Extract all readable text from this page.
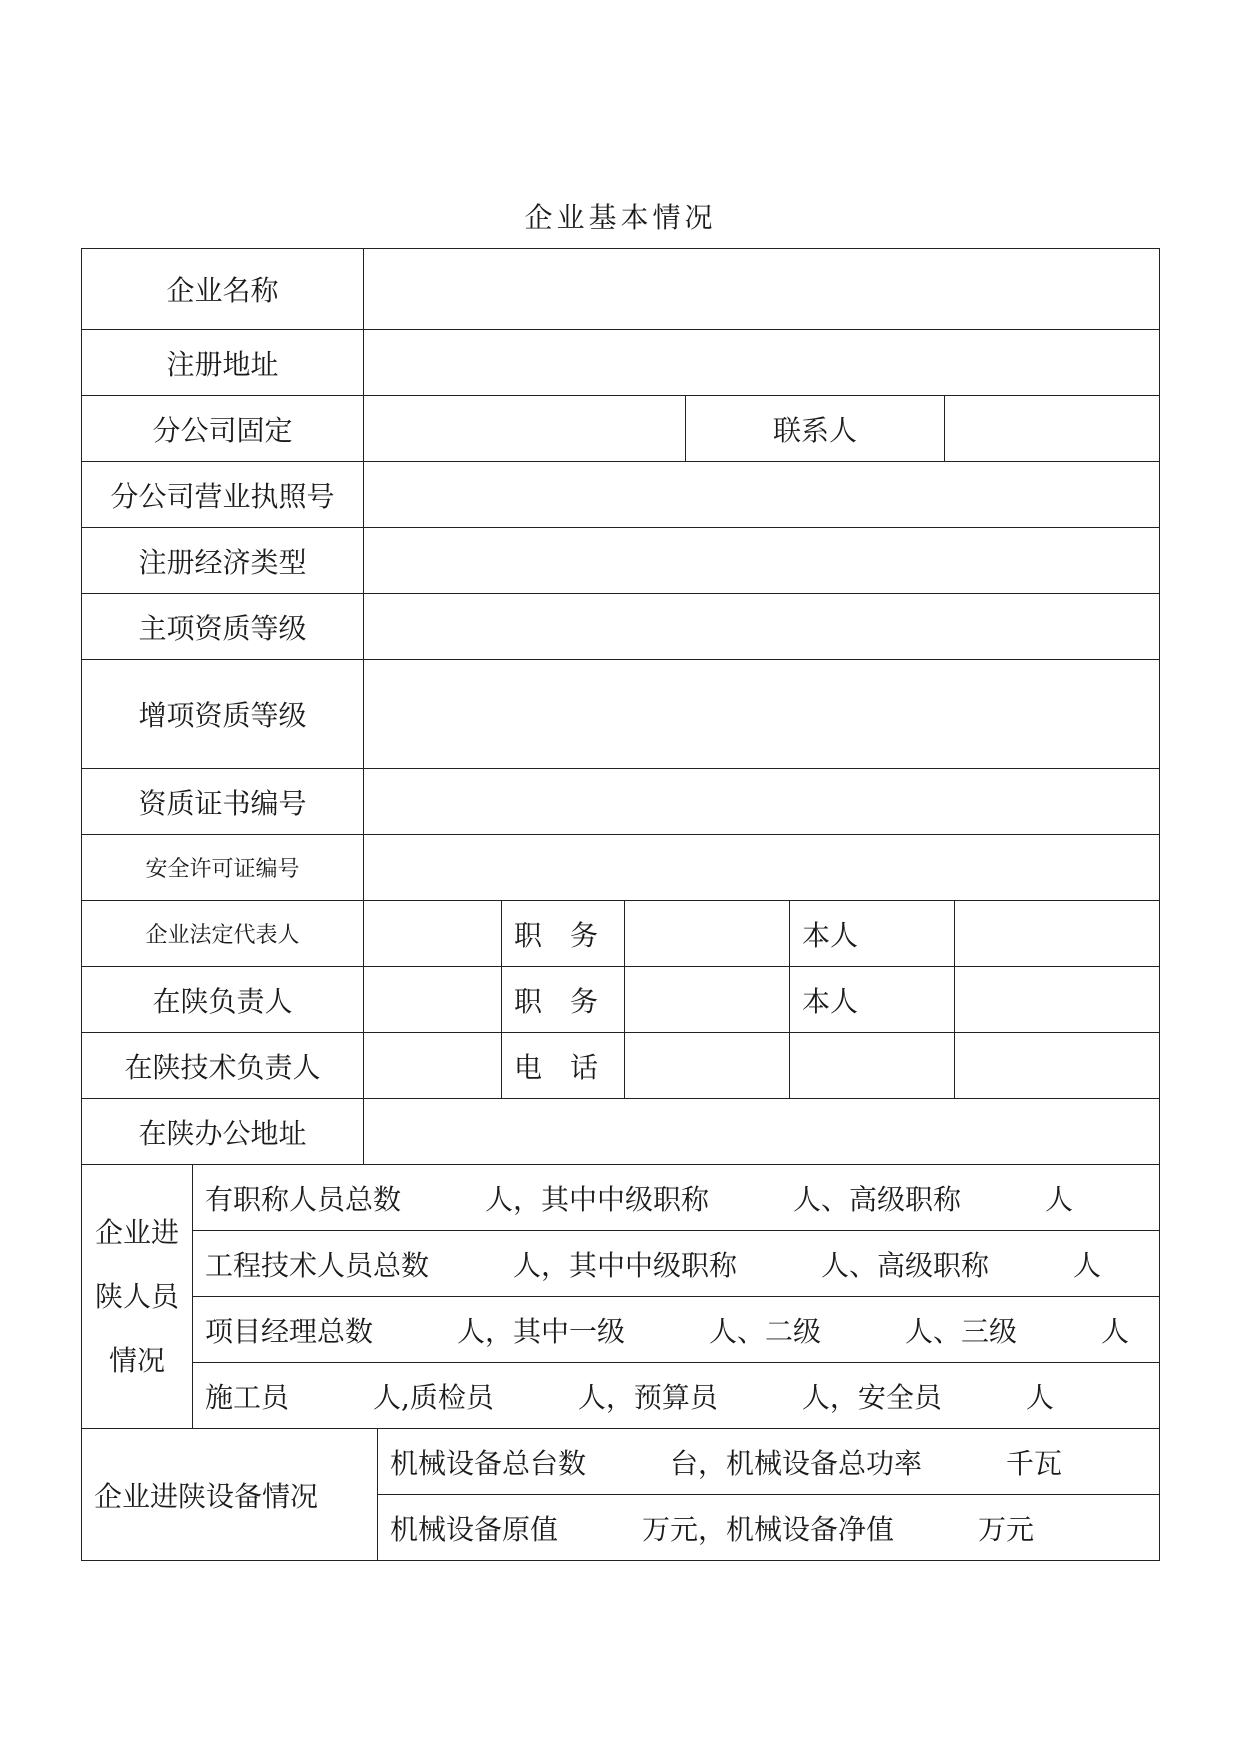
企业基本情况
企业名称
注册地址
分公司固定	联系人
分公司营业执照号
注册经济类型
主项资质等级
增项资质等级
资质证书编号
安全许可证编号
企业法定代表人	职　务	本人
在陕负责人	职　务	本人
在陕技术负责人	电　话
在陕办公地址
企业进
陕人员
情况
有职称人员总数　　　人，其中中级职称　　　人、高级职称　　　人
工程技术人员总数　　　人，其中中级职称　　　人、高级职称　　　人
项目经理总数　　　人，其中一级　　　人、二级　　　人、三级　　　人
施工员　　　人,质检员　　　人，预算员　　　人，安全员　　　人
企业进陕设备情况
机械设备总台数　　　台，机械设备总功率　　　千瓦
机械设备原值　　　万元，机械设备净值　　　万元
